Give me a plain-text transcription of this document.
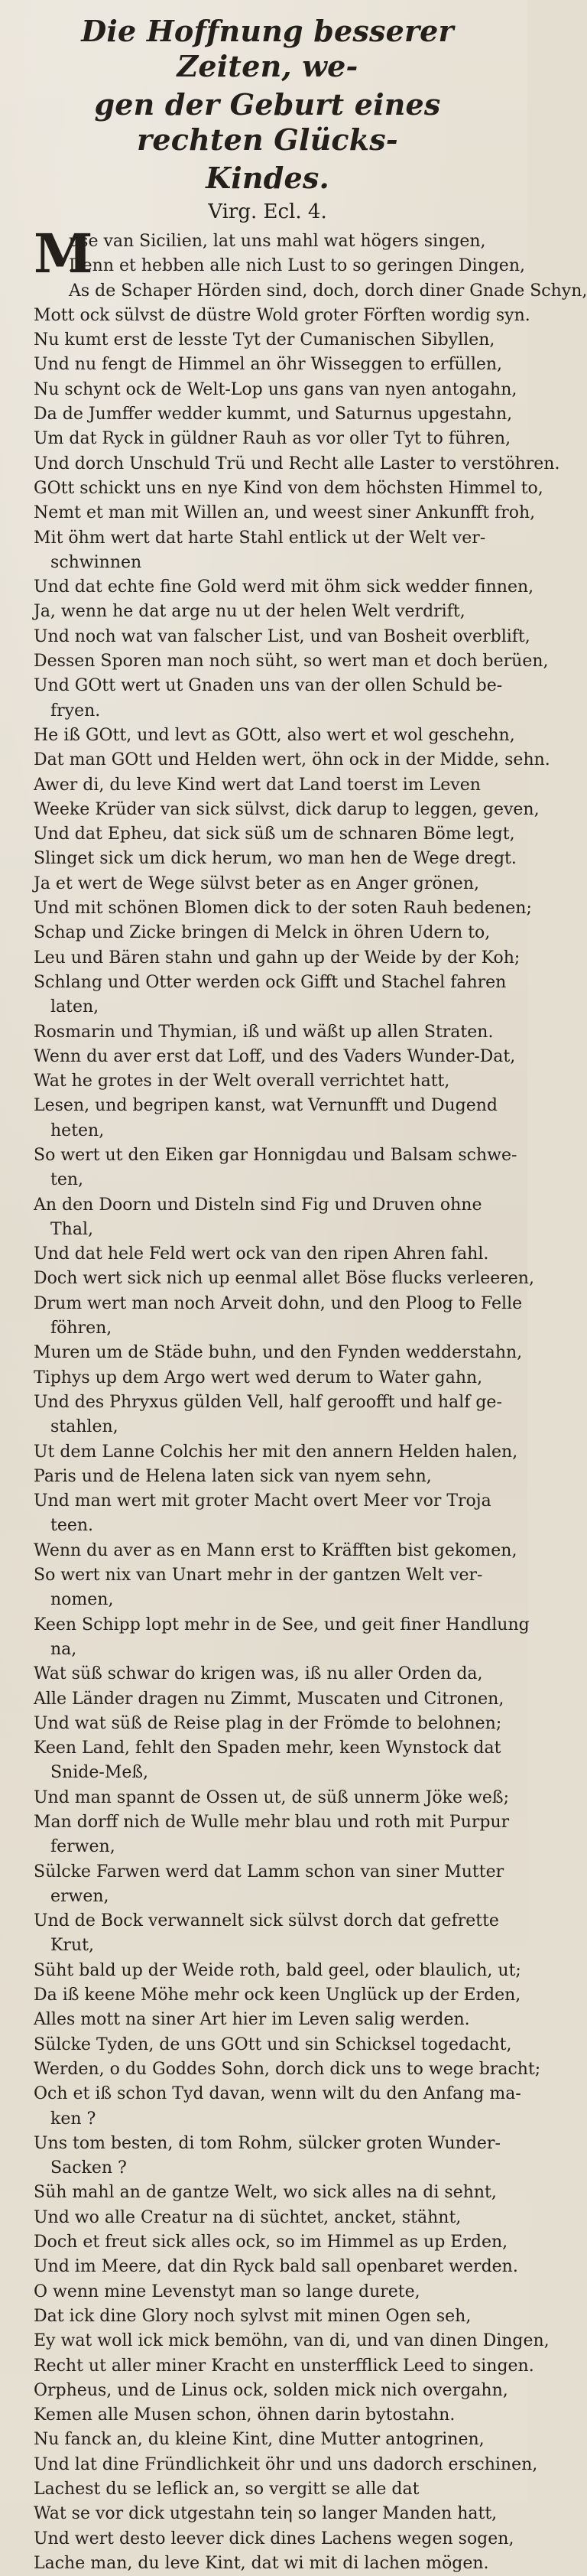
Die Hoffnung besserer Zeiten, we-
gen der Geburt eines rechten Glücks-
Kindes.
Virg. Ecl. 4.
M
use van Sicilien, lat uns mahl wat högers singen,
Denn et hebben alle nich Lust to so geringen Dingen,
As de Schaper Hörden sind, doch, dorch diner Gnade Schyn,
Mott ock sülvst de düstre Wold groter Förften wordig syn.
Nu kumt erst de lesste Tyt der Cumanischen Sibyllen,
Und nu fengt de Himmel an öhr Wisseggen to erfüllen,
Nu schynt ock de Welt-Lop uns gans van nyen antogahn,
Da de Jumffer wedder kummt, und Saturnus upgestahn,
Um dat Ryck in güldner Rauh as vor oller Tyt to führen,
Und dorch Unschuld Trü und Recht alle Laster to verstöhren.
GOtt schickt uns en nye Kind von dem höchsten Himmel to,
Nemt et man mit Willen an, und weest siner Ankunfft froh,
Mit öhm wert dat harte Stahl entlick ut der Welt ver-
schwinnen
Und dat echte fine Gold werd mit öhm sick wedder finnen,
Ja, wenn he dat arge nu ut der helen Welt verdrift,
Und noch wat van falscher List, und van Bosheit overblift,
Dessen Sporen man noch süht, so wert man et doch berüen,
Und GOtt wert ut Gnaden uns van der ollen Schuld be-
fryen.
He iß GOtt, und levt as GOtt, also wert et wol geschehn,
Dat man GOtt und Helden wert, öhn ock in der Midde, sehn.
Awer di, du leve Kind wert dat Land toerst im Leven
Weeke Krüder van sick sülvst, dick darup to leggen, geven,
Und dat Epheu, dat sick süß um de schnaren Böme legt,
Slinget sick um dick herum, wo man hen de Wege dregt.
Ja et wert de Wege sülvst beter as en Anger grönen,
Und mit schönen Blomen dick to der soten Rauh bedenen;
Schap und Zicke bringen di Melck in öhren Udern to,
Leu und Bären stahn und gahn up der Weide by der Koh;
Schlang und Otter werden ock Gifft und Stachel fahren
laten,
Rosmarin und Thymian, iß und wäßt up allen Straten.
Wenn du aver erst dat Loff, und des Vaders Wunder-Dat,
Wat he grotes in der Welt overall verrichtet hatt,
Lesen, und begripen kanst, wat Vernunfft und Dugend
heten,
So wert ut den Eiken gar Honnigdau und Balsam schwe-
ten,
An den Doorn und Disteln sind Fig und Druven ohne
Thal,
Und dat hele Feld wert ock van den ripen Ahren fahl.
Doch wert sick nich up eenmal allet Böse flucks verleeren,
Drum wert man noch Arveit dohn, und den Ploog to Felle
föhren,
Muren um de Städe buhn, und den Fynden wedderstahn,
Tiphys up dem Argo wert wed derum to Water gahn,
Und des Phryxus gülden Vell, half geroofft und half ge-
stahlen,
Ut dem Lanne Colchis her mit den annern Helden halen,
Paris und de Helena laten sick van nyem sehn,
Und man wert mit groter Macht overt Meer vor Troja
teen.
Wenn du aver as en Mann erst to Kräfften bist gekomen,
So wert nix van Unart mehr in der gantzen Welt ver-
nomen,
Keen Schipp lopt mehr in de See, und geit finer Handlung
na,
Wat süß schwar do krigen was, iß nu aller Orden da,
Alle Länder dragen nu Zimmt, Muscaten und Citronen,
Und wat süß de Reise plag in der Frömde to belohnen;
Keen Land, fehlt den Spaden mehr, keen Wynstock dat
Snide-Meß,
Und man spannt de Ossen ut, de süß unnerm Jöke weß;
Man dorff nich de Wulle mehr blau und roth mit Purpur
ferwen,
Sülcke Farwen werd dat Lamm schon van siner Mutter
erwen,
Und de Bock verwannelt sick sülvst dorch dat gefrette
Krut,
Süht bald up der Weide roth, bald geel, oder blaulich, ut;
Da iß keene Möhe mehr ock keen Unglück up der Erden,
Alles mott na siner Art hier im Leven salig werden.
Sülcke Tyden, de uns GOtt und sin Schicksel togedacht,
Werden, o du Goddes Sohn, dorch dick uns to wege bracht;
Och et iß schon Tyd davan, wenn wilt du den Anfang ma-
ken ?
Uns tom besten, di tom Rohm, sülcker groten Wunder-
Sacken ?
Süh mahl an de gantze Welt, wo sick alles na di sehnt,
Und wo alle Creatur na di süchtet, ancket, stähnt,
Doch et freut sick alles ock, so im Himmel as up Erden,
Und im Meere, dat din Ryck bald sall openbaret werden.
O wenn mine Levenstyt man so lange durete,
Dat ick dine Glory noch sylvst mit minen Ogen seh,
Ey wat woll ick mick bemöhn, van di, und van dinen Dingen,
Recht ut aller miner Kracht en unsterfflick Leed to singen.
Orpheus, und de Linus ock, solden mick nich overgahn,
Kemen alle Musen schon, öhnen darin bytostahn.
Nu fanck an, du kleine Kint, dine Mutter antogrinen,
Und lat dine Fründlichkeit öhr und uns dadorch erschinen,
Lachest du se leflick an, so vergitt se alle dat
Wat se vor dick utgestahn teiη so langer Manden hatt,
Und wert desto leever dick dines Lachens wegen sogen,
Lache man, du leve Kint, dat wi mit di lachen mögen.
